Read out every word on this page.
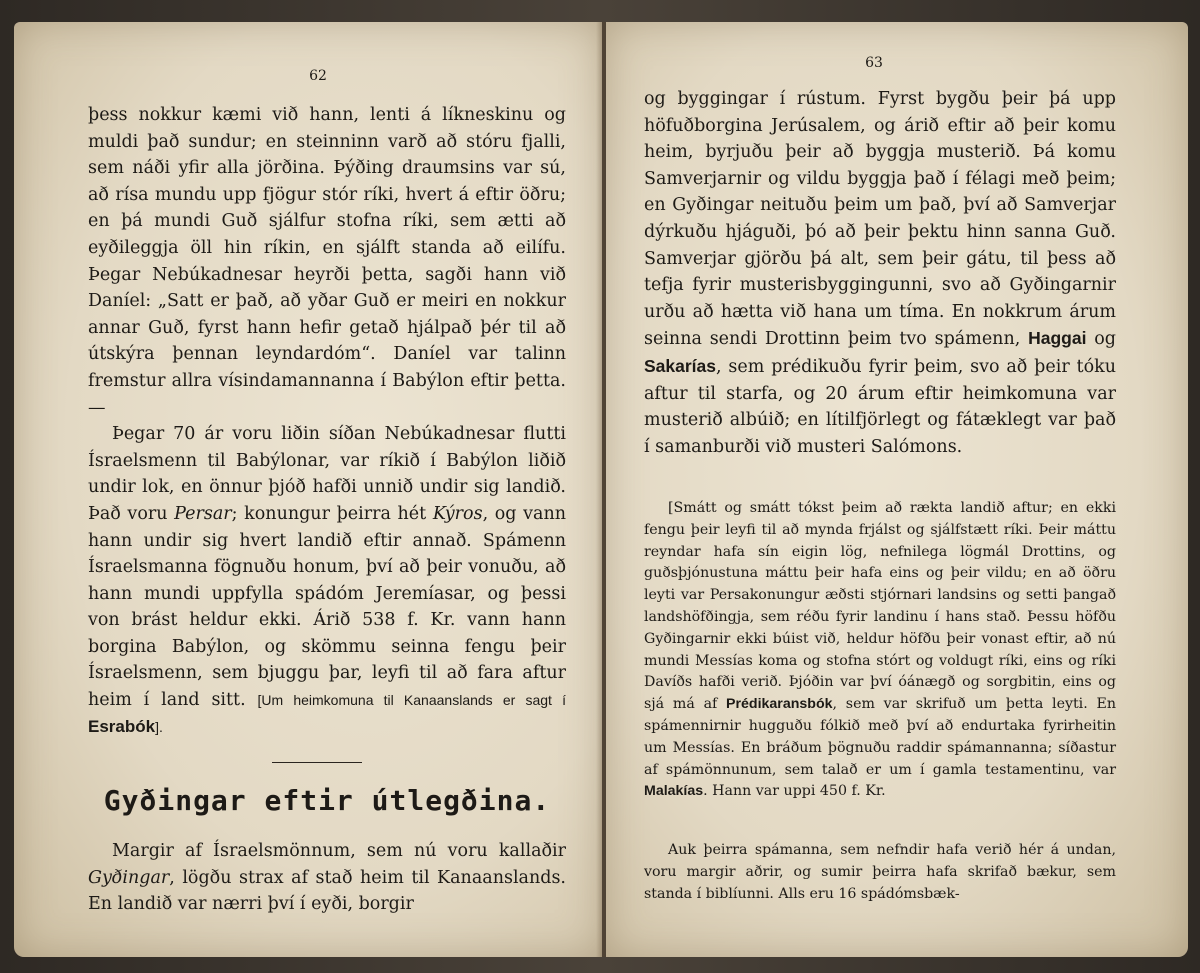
62

þess nokkur kæmi við hann, lenti á líkneskinu og muldi það sundur; en steinninn varð að stóru fjalli, sem náði yfir alla jörðina. Þýðing draumsins var sú, að rísa mundu upp fjögur stór ríki, hvert á eftir öðru; en þá mundi Guð sjálfur stofna ríki, sem ætti að eyðileggja öll hin ríkin, en sjálft standa að eilífu. Þegar Nebúkadnesar heyrði þetta, sagði hann við Daníel: „Satt er það, að yðar Guð er meiri en nokkur annar Guð, fyrst hann hefir getað hjálpað þér til að útskýra þennan leyndardóm“. Daníel var talinn fremstur allra vísindamannanna í Babýlon eftir þetta. —

Þegar 70 ár voru liðin síðan Nebúkadnesar flutti Ísraelsmenn til Babýlonar, var ríkið í Babýlon liðið undir lok, en önnur þjóð hafði unnið undir sig landið. Það voru Persar; konungur þeirra hét Kýros, og vann hann undir sig hvert landið eftir annað. Spámenn Ísraelsmanna fögnuðu honum, því að þeir vonuðu, að hann mundi uppfylla spádóm Jeremíasar, og þessi von brást heldur ekki. Árið 538 f. Kr. vann hann borgina Babýlon, og skömmu seinna fengu þeir Ísraelsmenn, sem bjuggu þar, leyfi til að fara aftur heim í land sitt. [Um heimkomuna til Kanaanslands er sagt í Esrabók].

Gyðingar eftir útlegðina.

Margir af Ísraelsmönnum, sem nú voru kallaðir Gyðingar, lögðu strax af stað heim til Kanaanslands. En landið var nærri því í eyði, borgir

63

og byggingar í rústum. Fyrst bygðu þeir þá upp höfuðborgina Jerúsalem, og árið eftir að þeir komu heim, byrjuðu þeir að byggja musterið. Þá komu Samverjarnir og vildu byggja það í félagi með þeim; en Gyðingar neituðu þeim um það, því að Samverjar dýrkuðu hjáguði, þó að þeir þektu hinn sanna Guð. Samverjar gjörðu þá alt, sem þeir gátu, til þess að tefja fyrir musterisbyggingunni, svo að Gyðingarnir urðu að hætta við hana um tíma. En nokkrum árum seinna sendi Drottinn þeim tvo spámenn, Haggai og Sakarías, sem prédikuðu fyrir þeim, svo að þeir tóku aftur til starfa, og 20 árum eftir heimkomuna var musterið albúið; en lítilfjörlegt og fátæklegt var það í samanburði við musteri Salómons.

[Smátt og smátt tókst þeim að rækta landið aftur; en ekki fengu þeir leyfi til að mynda frjálst og sjálfstætt ríki. Þeir máttu reyndar hafa sín eigin lög, nefnilega lögmál Drottins, og guðsþjónustuna máttu þeir hafa eins og þeir vildu; en að öðru leyti var Persakonungur æðsti stjórnari landsins og setti þangað landshöfðingja, sem réðu fyrir landinu í hans stað. Þessu höfðu Gyðingarnir ekki búist við, heldur höfðu þeir vonast eftir, að nú mundi Messías koma og stofna stórt og voldugt ríki, eins og ríki Davíðs hafði verið. Þjóðin var því óánægð og sorgbitin, eins og sjá má af Prédikaransbók, sem var skrifuð um þetta leyti. En spámennirnir hugguðu fólkið með því að endurtaka fyrirheitin um Messías. En bráðum þögnuðu raddir spámannanna; síðastur af spámönnunum, sem talað er um í gamla testamentinu, var Malakías. Hann var uppi 450 f. Kr.

Auk þeirra spámanna, sem nefndir hafa verið hér á undan, voru margir aðrir, og sumir þeirra hafa skrifað bækur, sem standa í biblíunni. Alls eru 16 spádómsbæk-
